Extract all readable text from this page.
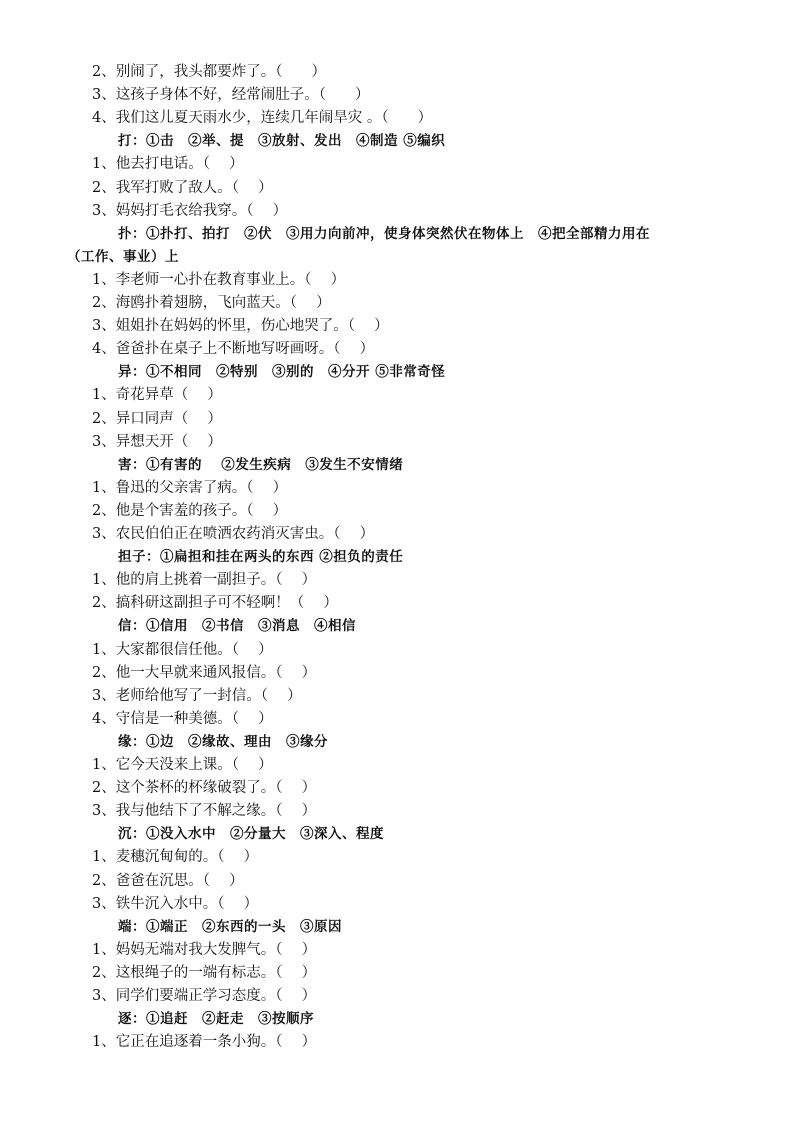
2、别闹了，我头都要炸了。（　　）
3、这孩子身体不好，经常闹肚子。（　　）
4、我们这儿夏天雨水少，连续几年闹旱灾 。（　　）
打：①击　②举、提　③放射、发出　④制造 ⑤编织
1、他去打电话。（　 ）
2、我军打败了敌人。（　 ）
3、妈妈打毛衣给我穿。（　 ）
扑：①扑打、拍打　②伏　③用力向前冲，使身体突然伏在物体上　④把全部精力用在
（工作、事业）上
1、李老师一心扑在教育事业上。（　 ）
2、海鸥扑着翅膀，飞向蓝天。（　 ）
3、姐姐扑在妈妈的怀里，伤心地哭了。（　 ）
4、爸爸扑在桌子上不断地写呀画呀。（　 ）
异：①不相同　②特别　③别的　④分开 ⑤非常奇怪
1、奇花异草（　 ）
2、异口同声（　 ）
3、异想天开（　 ）
害：①有害的　 ②发生疾病　③发生不安情绪
1、鲁迅的父亲害了病。（　 ）
2、他是个害羞的孩子。（　 ）
3、农民伯伯正在喷洒农药消灭害虫。（　 ）
担子：①扁担和挂在两头的东西 ②担负的责任
1、他的肩上挑着一副担子。（　 ）
2、搞科研这副担子可不轻啊！（　 ）
信：①信用　②书信　③消息　④相信
1、大家都很信任他。（　 ）
2、他一大早就来通风报信。（　 ）
3、老师给他写了一封信。（　 ）
4、守信是一种美德。（　 ）
缘：①边　②缘故、理由　③缘分
1、它今天没来上课。（　 ）
2、这个茶杯的杯缘破裂了。（　 ）
3、我与他结下了不解之缘。（　 ）
沉：①没入水中　②分量大　③深入、程度
1、麦穗沉甸甸的。（　 ）
2、爸爸在沉思。（　 ）
3、铁牛沉入水中。（　 ）
端：①端正　②东西的一头　③原因
1、妈妈无端对我大发脾气。（　 ）
2、这根绳子的一端有标志。（　 ）
3、同学们要端正学习态度。（　 ）
逐：①追赶　②赶走　③按顺序
1、它正在追逐着一条小狗。（　 ）
